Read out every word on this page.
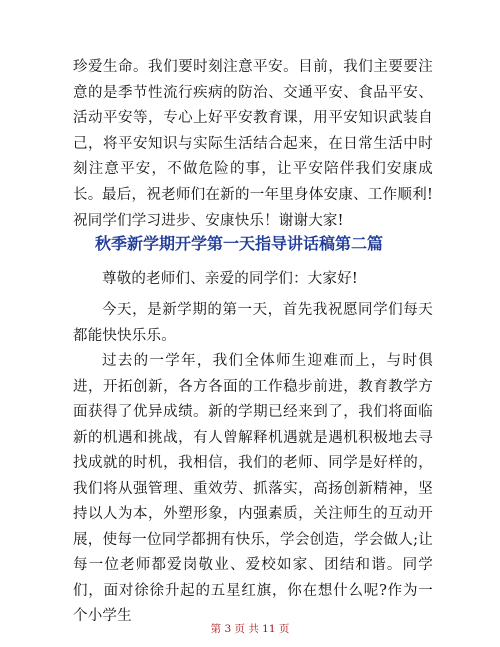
珍爱生命。我们要时刻注意平安。目前，我们主要要注意的是季节性流行疾病的防治、交通平安、食品平安、活动平安等，专心上好平安教育课，用平安知识武装自己，将平安知识与实际生活结合起来，在日常生活中时刻注意平安，不做危险的事，让平安陪伴我们安康成长。 最后，祝老师们在新的一年里身体安康、工作顺利!祝同学们学习进步、安康快乐！谢谢大家!

秋季新学期开学第一天指导讲话稿第二篇

尊敬的老师们、亲爱的同学们：大家好!

今天，是新学期的第一天，首先我祝愿同学们每天都能快快乐乐。

过去的一学年，我们全体师生迎难而上，与时俱进，开拓创新，各方各面的工作稳步前进，教育教学方面获得了优异成绩。新的学期已经来到了，我们将面临新的机遇和挑战，有人曾解释机遇就是遇机积极地去寻找成就的时机，我相信，我们的老师、同学是好样的，我们将从强管理、重效劳、抓落实，高扬创新精神，坚持以人为本，外塑形象，内强素质，关注师生的互动开展，使每一位同学都拥有快乐，学会创造，学会做人;让每一位老师都爱岗敬业、爱校如家、团结和谐。同学们，面对徐徐升起的五星红旗，你在想什么呢?作为一个小学生

第 3 页 共 11 页
